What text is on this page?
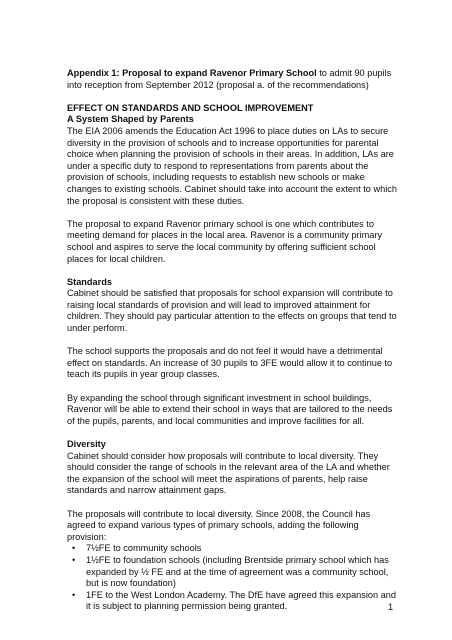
Appendix 1: Proposal to expand Ravenor Primary School to admit 90 pupils into reception from September 2012 (proposal a. of the recommendations)

EFFECT ON STANDARDS AND SCHOOL IMPROVEMENT

A System Shaped by Parents

The EIA 2006 amends the Education Act 1996 to place duties on LAs to secure diversity in the provision of schools and to increase opportunities for parental choice when planning the provision of schools in their areas. In addition, LAs are under a specific duty to respond to representations from parents about the provision of schools, including requests to establish new schools or make changes to existing schools. Cabinet should take into account the extent to which the proposal is consistent with these duties.

The proposal to expand Ravenor primary school is one which contributes to meeting demand for places in the local area. Ravenor is a community primary school and aspires to serve the local community by offering sufficient school places for local children.

Standards

Cabinet should be satisfied that proposals for school expansion will contribute to raising local standards of provision and will lead to improved attainment for children. They should pay particular attention to the effects on groups that tend to under perform.

The school supports the proposals and do not feel it would have a detrimental effect on standards. An increase of 30 pupils to 3FE would allow it to continue to teach its pupils in year group classes.

By expanding the school through significant investment in school buildings, Ravenor will be able to extend their school in ways that are tailored to the needs of the pupils, parents, and local communities and improve facilities for all.

Diversity

Cabinet should consider how proposals will contribute to local diversity. They should consider the range of schools in the relevant area of the LA and whether the expansion of the school will meet the aspirations of parents, help raise standards and narrow attainment gaps.

The proposals will contribute to local diversity. Since 2008, the Council has agreed to expand various types of primary schools, adding the following provision:

• 7½FE to community schools
• 1½FE to foundation schools (including Brentside primary school which has expanded by ½ FE and at the time of agreement was a community school, but is now foundation)
• 1FE to the West London Academy. The DfE have agreed this expansion and it is subject to planning permission being granted.	1
